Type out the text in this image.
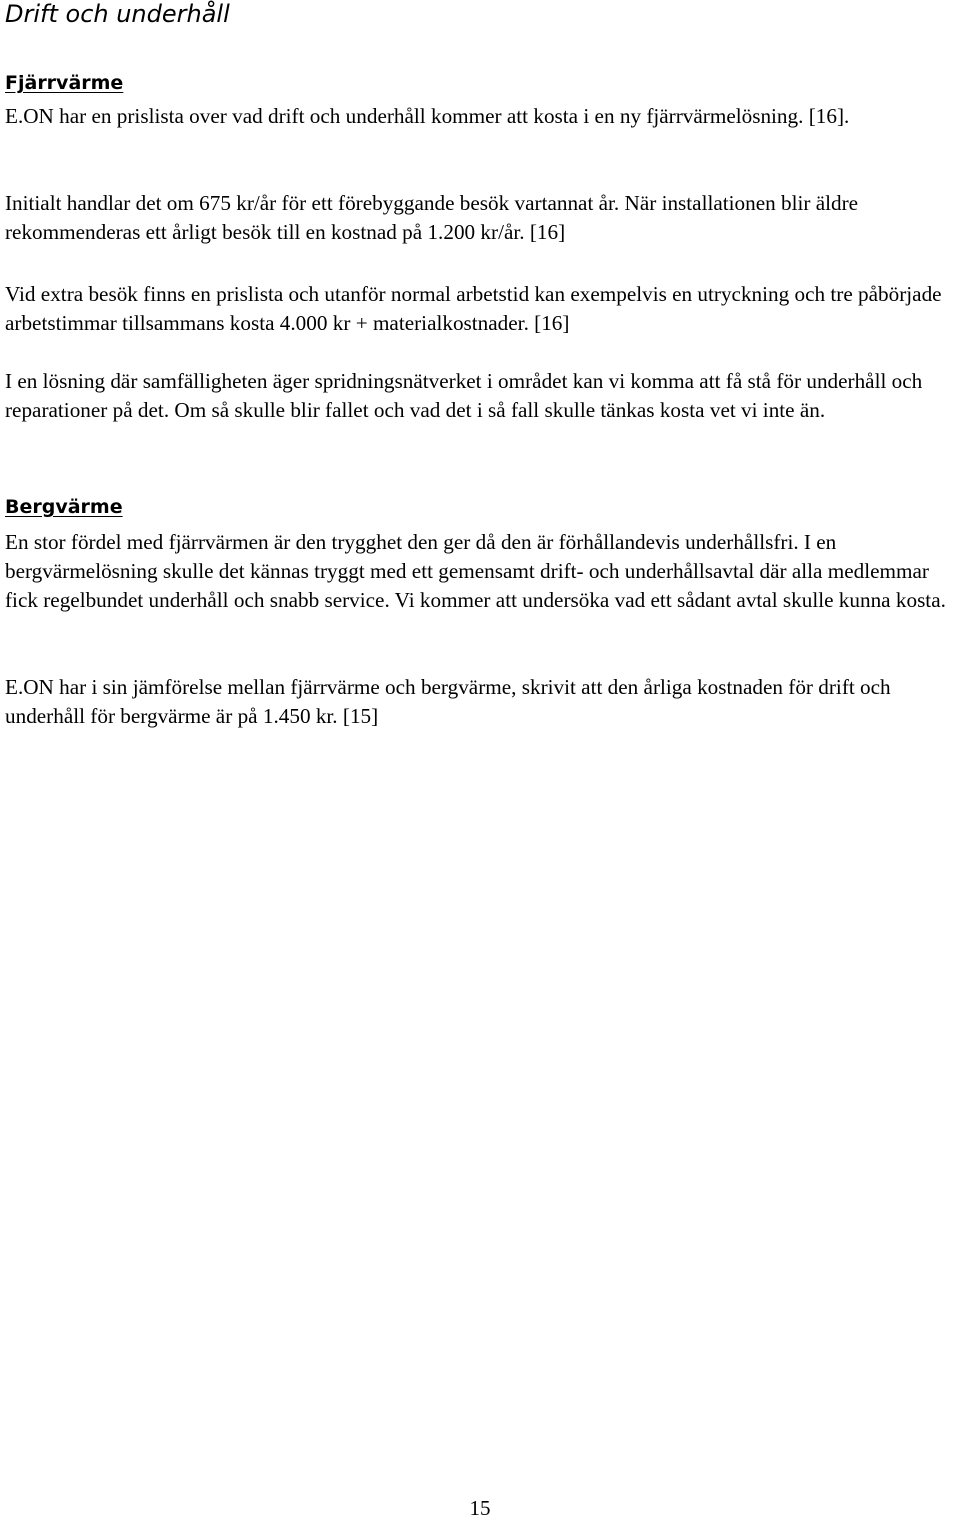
Drift och underhåll
Fjärrvärme

E.ON har en prislista over vad drift och underhåll kommer att kosta i en ny fjärrvärmelösning. [16].

Initialt handlar det om 675 kr/år för ett förebyggande besök vartannat år. När installationen blir äldre rekommenderas ett årligt besök till en kostnad på 1.200 kr/år. [16]

Vid extra besök finns en prislista och utanför normal arbetstid kan exempelvis en utryckning och tre påbörjade arbetstimmar tillsammans kosta 4.000 kr + materialkostnader. [16]

I en lösning där samfälligheten äger spridningsnätverket i området kan vi komma att få stå för underhåll och reparationer på det. Om så skulle blir fallet och vad det i så fall skulle tänkas kosta vet vi inte än.

Bergvärme

En stor fördel med fjärrvärmen är den trygghet den ger då den är förhållandevis underhållsfri. I en bergvärmelösning skulle det kännas tryggt med ett gemensamt drift- och underhållsavtal där alla medlemmar fick regelbundet underhåll och snabb service. Vi kommer att undersöka vad ett sådant avtal skulle kunna kosta.

E.ON har i sin jämförelse mellan fjärrvärme och bergvärme, skrivit att den årliga kostnaden för drift och underhåll för bergvärme är på 1.450 kr. [15]

15
